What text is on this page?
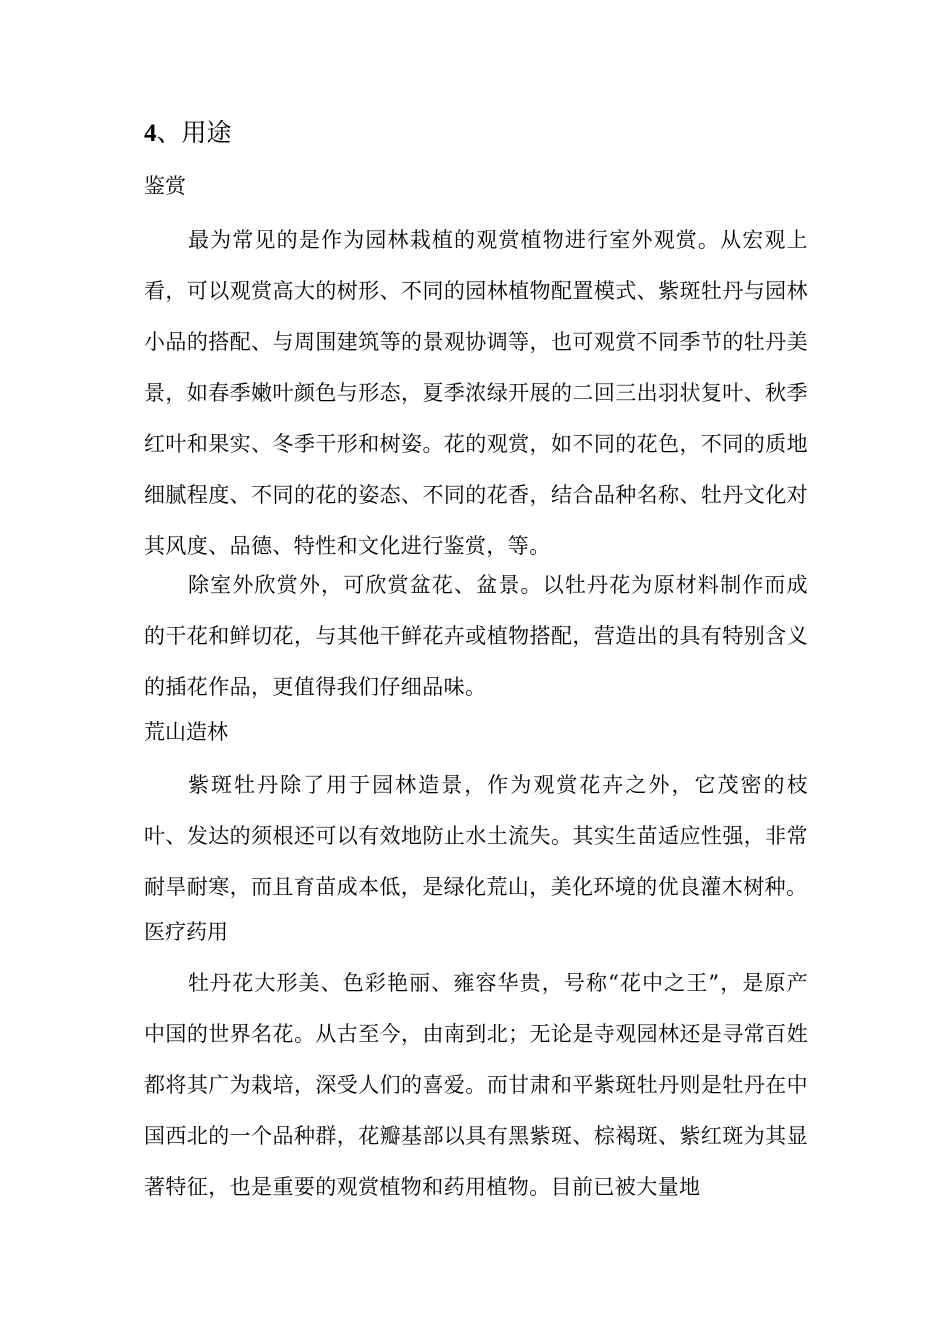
4、用途
鉴赏
最为常见的是作为园林栽植的观赏植物进行室外观赏。从宏观上看，可以观赏高大的树形、不同的园林植物配置模式、紫斑牡丹与园林小品的搭配、与周围建筑等的景观协调等，也可观赏不同季节的牡丹美景，如春季嫩叶颜色与形态，夏季浓绿开展的二回三出羽状复叶、秋季红叶和果实、冬季干形和树姿。花的观赏，如不同的花色，不同的质地细腻程度、不同的花的姿态、不同的花香，结合品种名称、牡丹文化对其风度、品德、特性和文化进行鉴赏，等。
除室外欣赏外，可欣赏盆花、盆景。以牡丹花为原材料制作而成的干花和鲜切花，与其他干鲜花卉或植物搭配，营造出的具有特别含义的插花作品，更值得我们仔细品味。
荒山造林
紫斑牡丹除了用于园林造景，作为观赏花卉之外，它茂密的枝叶、发达的须根还可以有效地防止水土流失。其实生苗适应性强，非常耐旱耐寒，而且育苗成本低，是绿化荒山，美化环境的优良灌木树种。
医疗药用
牡丹花大形美、色彩艳丽、雍容华贵，号称“花中之王”，是原产中国的世界名花。从古至今，由南到北；无论是寺观园林还是寻常百姓都将其广为栽培，深受人们的喜爱。而甘肃和平紫斑牡丹则是牡丹在中国西北的一个品种群，花瓣基部以具有黑紫斑、棕褐斑、紫红斑为其显著特征，也是重要的观赏植物和药用植物。目前已被大量地
